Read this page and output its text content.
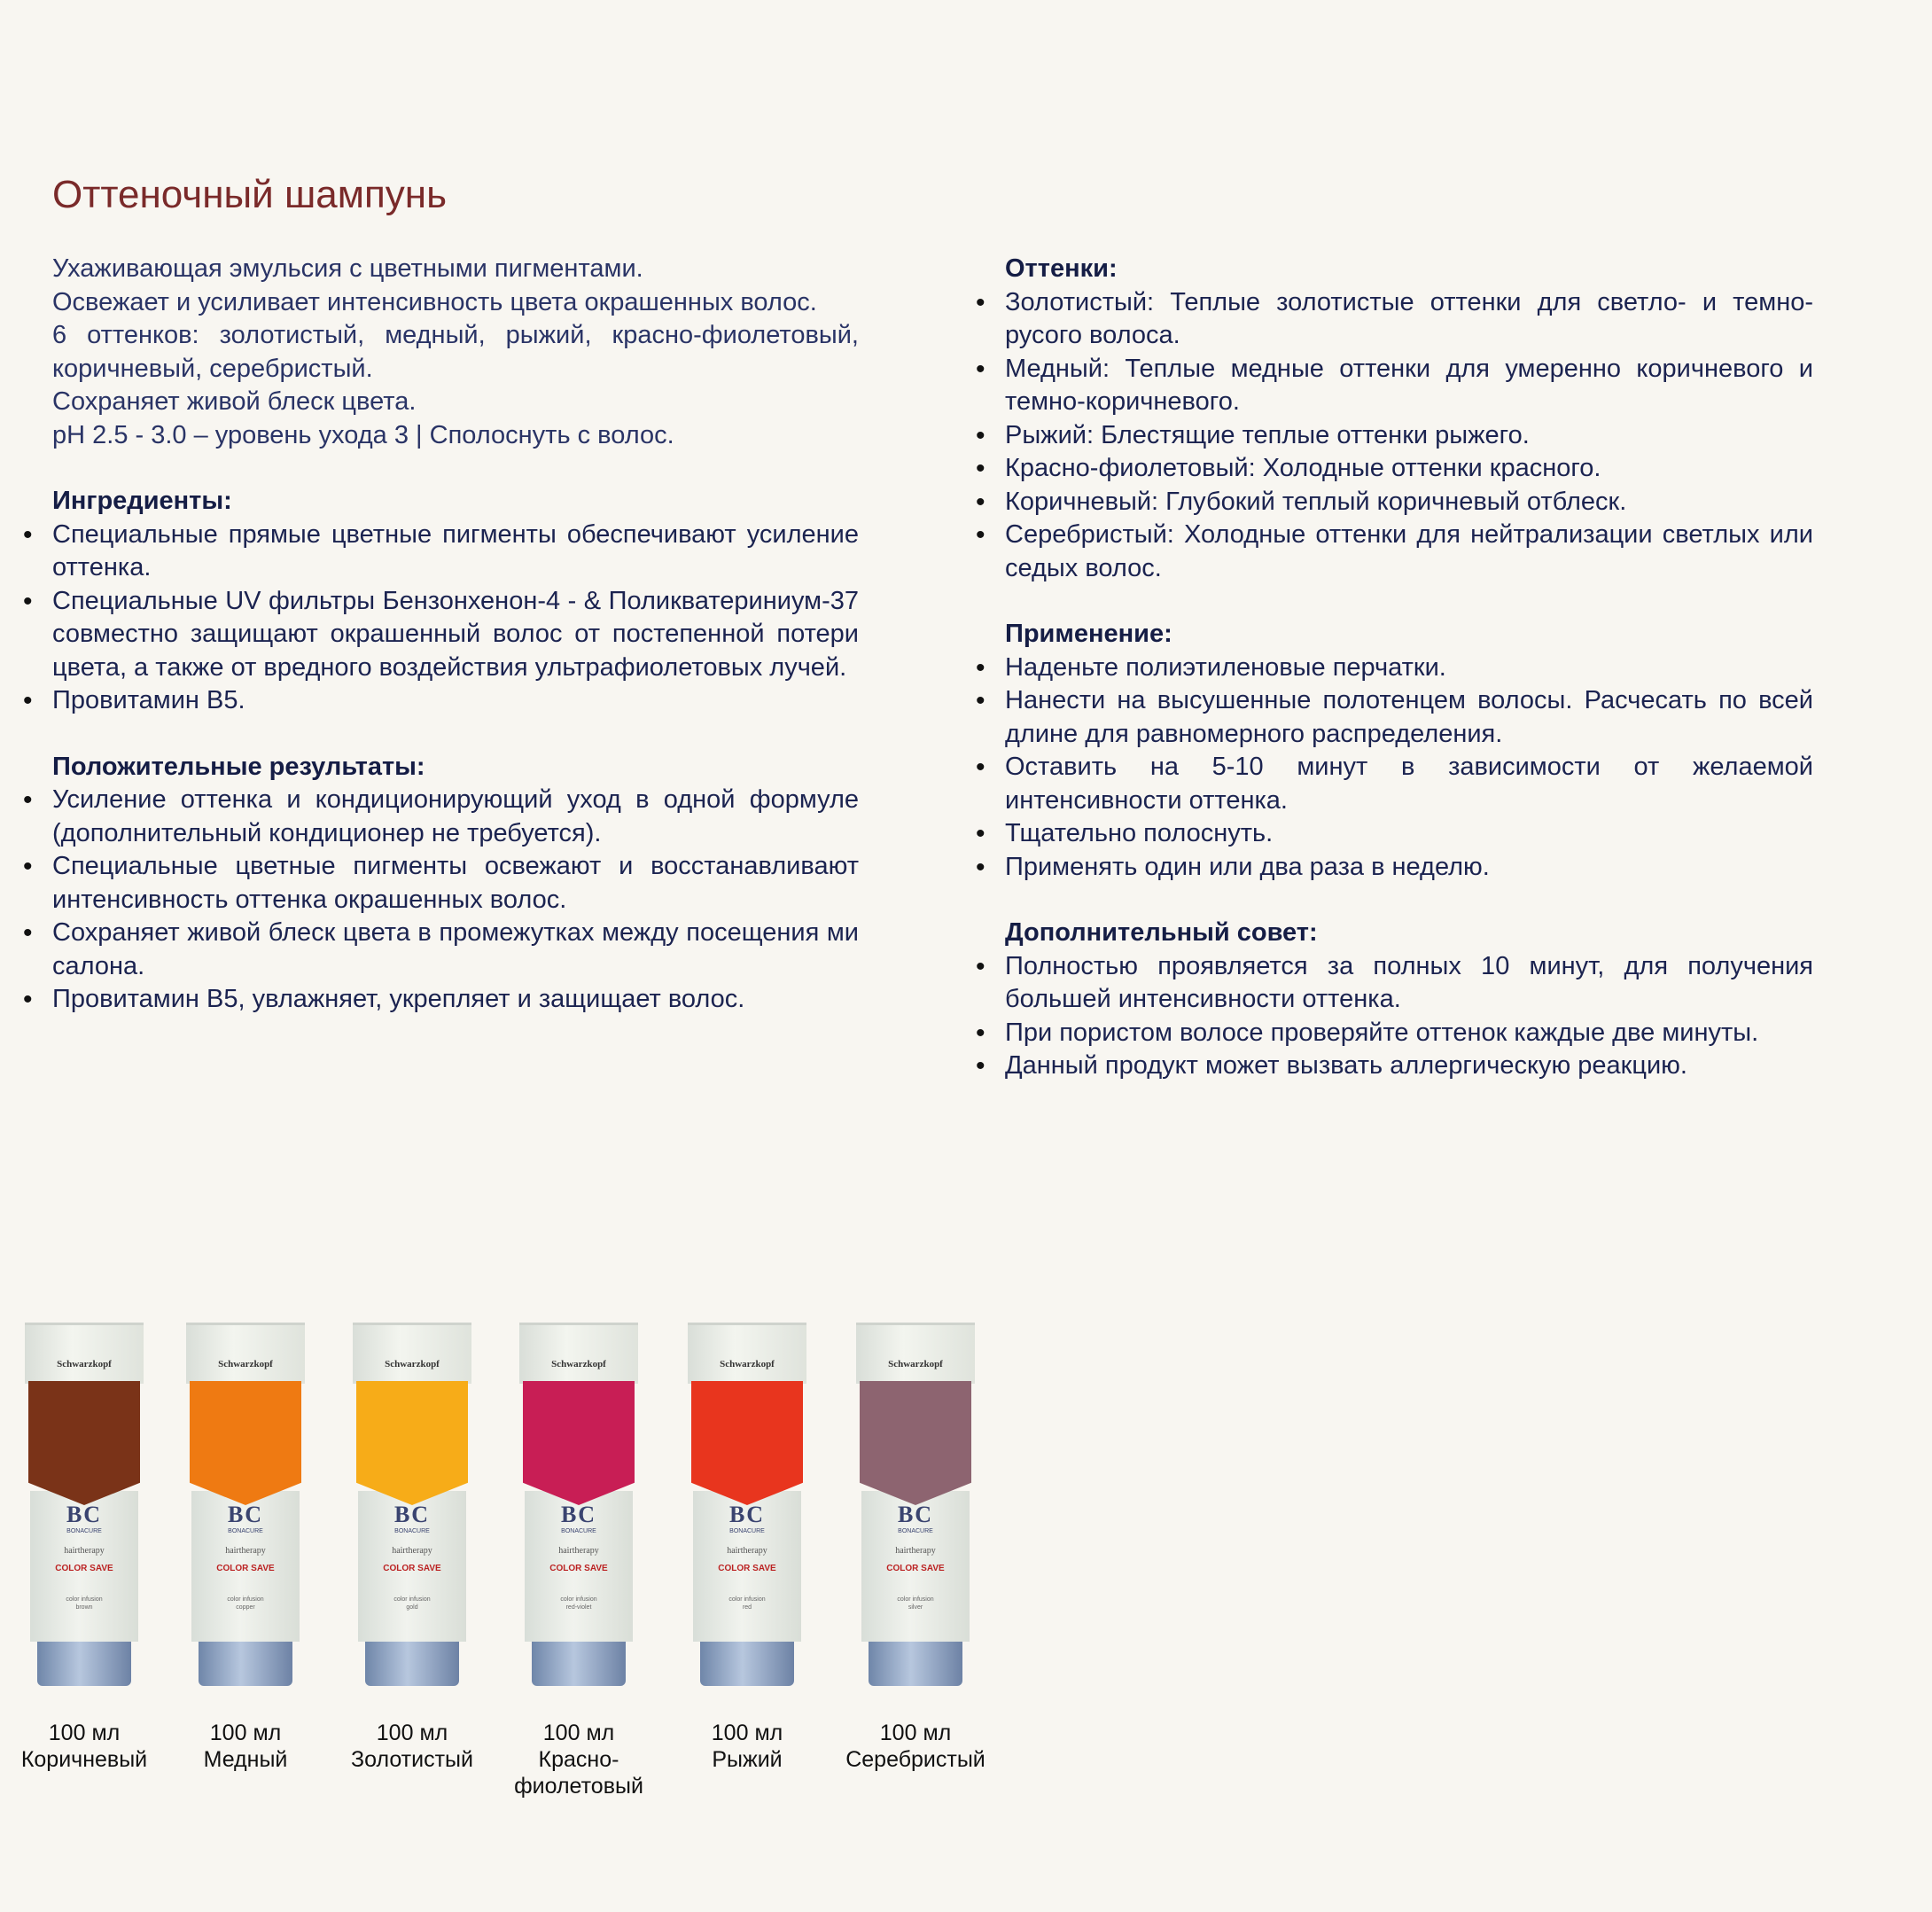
Оттеночный шампунь

Ухаживающая эмульсия с цветными пигментами.

Освежает и усиливает интенсивность цвета окрашенных волос.

6 оттенков: золотистый, медный, рыжий, красно-фиолетовый, коричневый, серебристый.

Сохраняет живой блеск цвета.

pH 2.5 - 3.0 – уровень ухода 3 | Сполоснуть с волос.

Ингредиенты:

• Специальные прямые цветные пигменты обеспечивают усиление оттенка.
• Специальные UV фильтры Бензонхенон-4 - & Поликватериниум-37 совместно защищают окрашенный волос от постепенной потери цвета, а также от вредного воздействия ультрафиолетовых лучей.
• Провитамин B5.

Положительные результаты:

• Усиление оттенка и кондиционирующий уход в одной формуле (дополнительный кондиционер не требуется).
• Специальные цветные пигменты освежают и восстанавливают интенсивность оттенка окрашенных волос.
• Сохраняет живой блеск цвета в промежутках между посещения ми салона.
• Провитамин B5, увлажняет, укрепляет и защищает волос.

Оттенки:

• Золотистый: Теплые золотистые оттенки для светло- и темно-русого волоса.
• Медный: Теплые медные оттенки для умеренно коричневого и темно-коричневого.
• Рыжий: Блестящие теплые оттенки рыжего.
• Красно-фиолетовый: Холодные оттенки красного.
• Коричневый: Глубокий теплый коричневый отблеск.
• Серебристый: Холодные оттенки для нейтрализации светлых или седых волос.

Применение:

• Наденьте полиэтиленовые перчатки.
• Нанести на высушенные полотенцем волосы. Расчесать по всей длине для равномерного распределения.
• Оставить на 5-10 минут в зависимости от желаемой интенсивности оттенка.
• Тщательно полоснуть.
• Применять один или два раза в неделю.

Дополнительный совет:

• Полностью проявляется за полных 10 минут, для получения большей интенсивности оттенка.
• При пористом волосе проверяйте оттенок каждые две минуты.
• Данный продукт может вызвать аллергическую реакцию.
Schwarzkopf
BC
BONACURE
hairtherapy
COLOR SAVE
color infusion
brown
100 мл
Коричневый
Schwarzkopf
BC
BONACURE
hairtherapy
COLOR SAVE
color infusion
copper
100 мл
Медный
Schwarzkopf
BC
BONACURE
hairtherapy
COLOR SAVE
color infusion
gold
100 мл
Золотистый
Schwarzkopf
BC
BONACURE
hairtherapy
COLOR SAVE
color infusion
red-violet
100 мл
Красно-фиолетовый
Schwarzkopf
BC
BONACURE
hairtherapy
COLOR SAVE
color infusion
red
100 мл
Рыжий
Schwarzkopf
BC
BONACURE
hairtherapy
COLOR SAVE
color infusion
silver
100 мл
Серебристый
